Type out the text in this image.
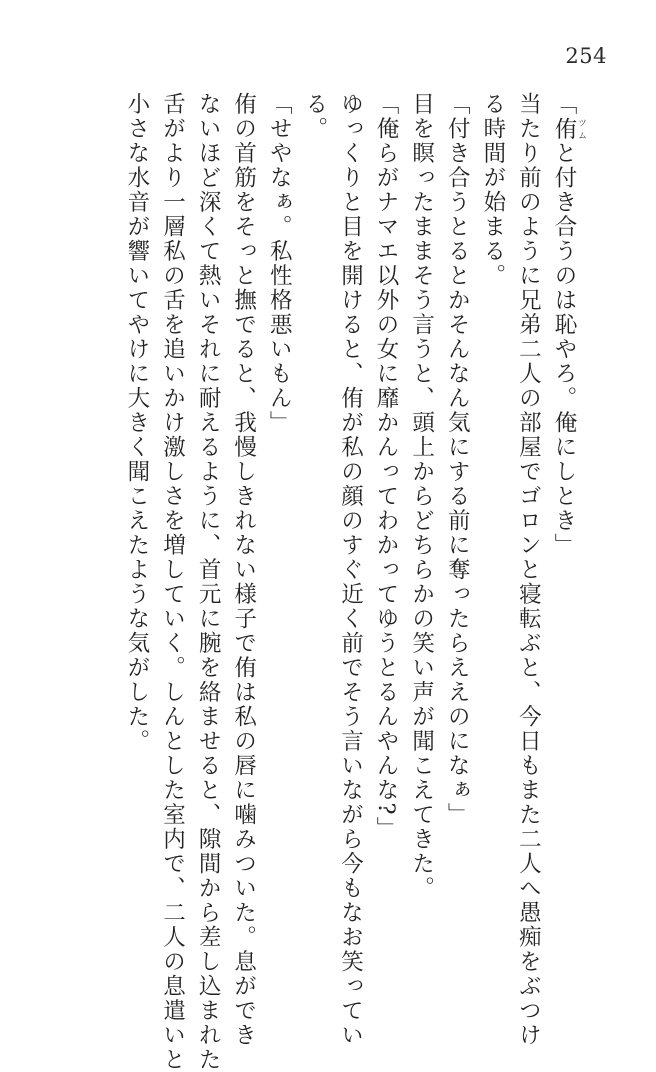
254
「侑 ツムと付き合うのは恥やろ。俺にしとき」
当たり前のように兄弟二人の部屋でゴロンと寝転ぶと、今日もまた二人へ愚痴をぶつけ
る時間が始まる。
「付き合うとるとかそんなん気にする前に奪ったらええのになぁ」
目を瞑ったままそう言うと、頭上からどちらかの笑い声が聞こえてきた。
「俺らがナマエ以外の女に靡かんってわかってゆうとるんやんな?」
ゆっくりと目を開けると、侑が私の顔のすぐ近く前でそう言いながら今もなお笑ってい
る。
「せやなぁ。私性格悪いもん」
侑の首筋をそっと撫でると、我慢しきれない様子で侑は私の唇に噛みついた。息ができ
ないほど深くて熱いそれに耐えるように、首元に腕を絡ませると、隙間から差し込まれた
舌がより一層私の舌を追いかけ激しさを増していく。しんとした室内で、二人の息遣いと
小さな水音が響いてやけに大きく聞こえたような気がした。
